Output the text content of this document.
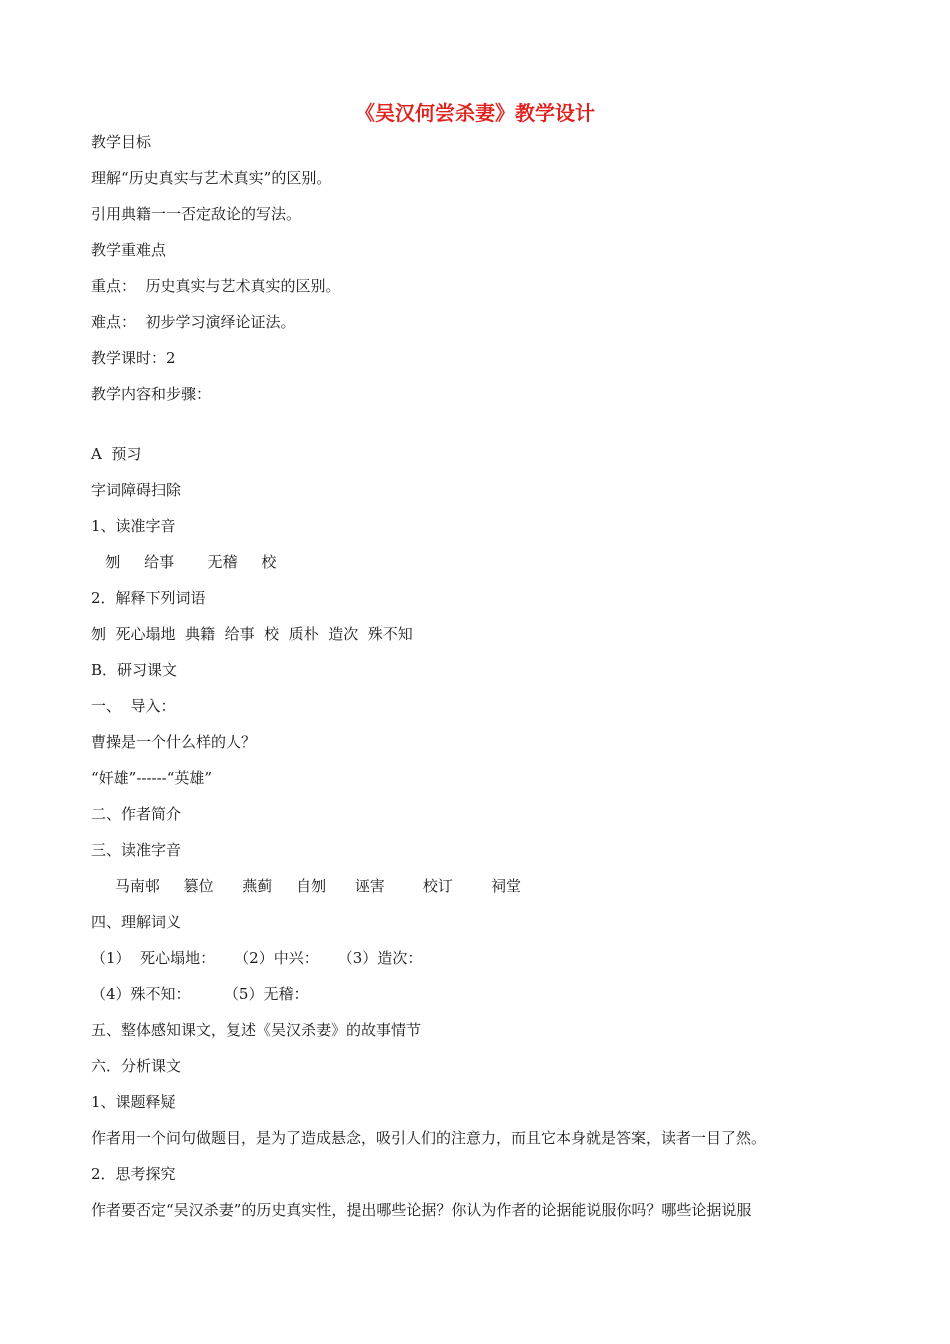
《吴汉何尝杀妻》教学设计
教学目标
理解“历史真实与艺术真实”的区别。
引用典籍一一否定敌论的写法。
教学重难点
重点：  历史真实与艺术真实的区别。
难点：  初步学习演绎论证法。
教学课时：2
教学内容和步骤：
A  预习
字词障碍扫除
1、读准字音
刎     给事       无稽     校
2．解释下列词语
刎  死心塌地  典籍  给事  校  质朴  造次  殊不知
B．研习课文
一、  导入：
曹操是一个什么样的人？
“奸雄”------“英雄”
二、作者简介
三、读准字音
马南邨     篡位      燕蓟     自刎      诬害        校订        祠堂
四、理解词义
（1）  死心塌地：    （2）中兴：    （3）造次：
（4）殊不知：       （5）无稽：
五、整体感知课文，复述《吴汉杀妻》的故事情节
六．分析课文
1、课题释疑
作者用一个问句做题目，是为了造成悬念，吸引人们的注意力，而且它本身就是答案，读者一目了然。
2．思考探究
作者要否定“吴汉杀妻”的历史真实性，提出哪些论据？你认为作者的论据能说服你吗？哪些论据说服
